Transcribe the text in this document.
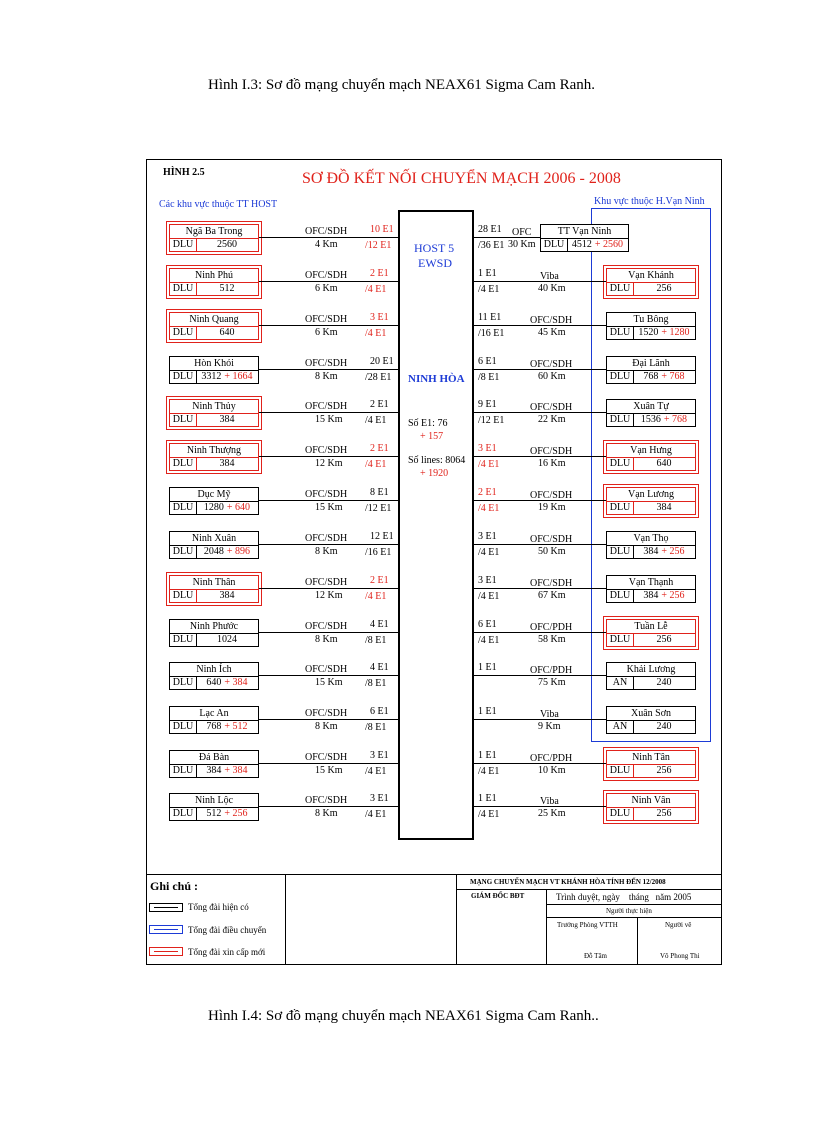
Hình I.3: Sơ đồ mạng chuyển mạch NEAX61 Sigma Cam Ranh.
Hình I.4: Sơ đồ mạng chuyển mạch NEAX61 Sigma Cam Ranh..
HÌNH 2.5	SƠ ĐỒ KẾT NỐI CHUYỂN MẠCH 2006 - 2008
Các khu vực thuộc TT HOST	Khu vực thuộc H.Vạn Ninh
HOST 5
EWSD
NINH HÒA
Số E1: 76
+ 157
Số lines: 8064
+ 1920
Ngã Ba Trong
DLU	2560
OFC/SDH
4 Km
10 E1
/12 E1
Ninh Phú
DLU	512
OFC/SDH
6 Km
2 E1
/4 E1
Ninh Quang
DLU	640
OFC/SDH
6 Km
3 E1
/4 E1
Hòn Khói
DLU 3312 + 1664
OFC/SDH
8 Km
20 E1
/28 E1
Ninh Thủy
DLU	384
OFC/SDH
15 Km
2 E1
/4 E1
Ninh Thượng
DLU	384
OFC/SDH
12 Km
2 E1
/4 E1
Dục Mỹ
DLU	1280 + 640
OFC/SDH
15 Km
8 E1
/12 E1
Ninh Xuân
DLU	2048 + 896
OFC/SDH
8 Km
12 E1
/16 E1
Ninh Thân
DLU	384
OFC/SDH
12 Km
2 E1
/4 E1
Ninh Phước
DLU	1024
OFC/SDH
8 Km
4 E1
/8 E1
Ninh Ích
DLU	640 + 384
OFC/SDH
15 Km
4 E1
/8 E1
Lạc An
DLU	768 + 512
OFC/SDH
8 Km
6 E1
/8 E1
Đá Bàn
DLU	384 + 384
OFC/SDH
15 Km
3 E1
/4 E1
Ninh Lộc
DLU	512 + 256
OFC/SDH
8 Km
3 E1
/4 E1
TT Vạn Ninh
DLU 4512 + 2560
28 E1
/36 E1
OFC
30 Km
Vạn Khánh
DLU	256
1 E1
/4 E1
Viba
40 Km
Tu Bông
DLU 1520 + 1280
11 E1
/16 E1
OFC/SDH
45 Km
Đại Lãnh
DLU	768 + 768
6 E1
/8 E1
OFC/SDH
60 Km
Xuân Tự
DLU	1536 + 768
9 E1
/12 E1
OFC/SDH
22 Km
Vạn Hưng
DLU	640
3 E1
/4 E1
OFC/SDH
16 Km
Vạn Lương
DLU	384
2 E1
/4 E1
OFC/SDH
19 Km
Vạn Thọ
DLU	384 + 256
3 E1
/4 E1
OFC/SDH
50 Km
Vạn Thạnh
DLU	384 + 256
3 E1
/4 E1
OFC/SDH
67 Km
Tuần Lễ
DLU	256
6 E1
/4 E1
OFC/PDH
58 Km
Khải Lương
AN	240
1 E1	OFC/PDH
75 Km
Xuân Sơn
AN	240
1 E1	Viba
9 Km
Ninh Tân
DLU	256
1 E1
/4 E1
OFC/PDH
10 Km
Ninh Vân
DLU	256
1 E1
/4 E1
Viba
25 Km
Ghi chú :
Tổng đài hiện có
Tổng đài điều chuyển
Tổng đài xin cấp mới
MẠNG CHUYỂN MẠCH VT KHÁNH HÒA TÍNH ĐẾN 12/2008
GIÁM ĐỐC BĐT	Trình duyệt, ngày    tháng   năm 2005
Người thực hiện
Trưởng Phòng VTTH	Người vẽ
Đỗ Tâm	Võ Phong Thi
